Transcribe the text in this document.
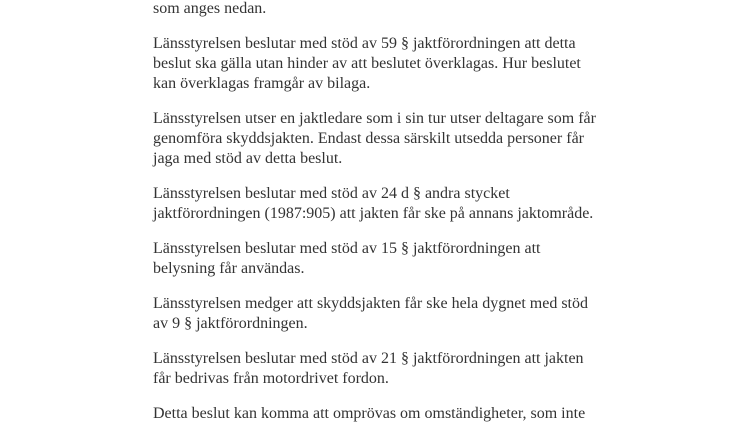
som anges nedan.

Länsstyrelsen beslutar med stöd av 59 § jaktförordningen att detta beslut ska gälla utan hinder av att beslutet överklagas. Hur beslutet kan överklagas framgår av bilaga.

Länsstyrelsen utser en jaktledare som i sin tur utser deltagare som får genomföra skyddsjakten. Endast dessa särskilt utsedda personer får jaga med stöd av detta beslut.

Länsstyrelsen beslutar med stöd av 24 d § andra stycket jaktförordningen (1987:905) att jakten får ske på annans jaktområde.

Länsstyrelsen beslutar med stöd av 15 § jaktförordningen att belysning får användas.

Länsstyrelsen medger att skyddsjakten får ske hela dygnet med stöd av 9 § jaktförordningen.

Länsstyrelsen beslutar med stöd av 21 § jaktförordningen att jakten får bedrivas från motordrivet fordon.

Detta beslut kan komma att omprövas om omständigheter, som inte
